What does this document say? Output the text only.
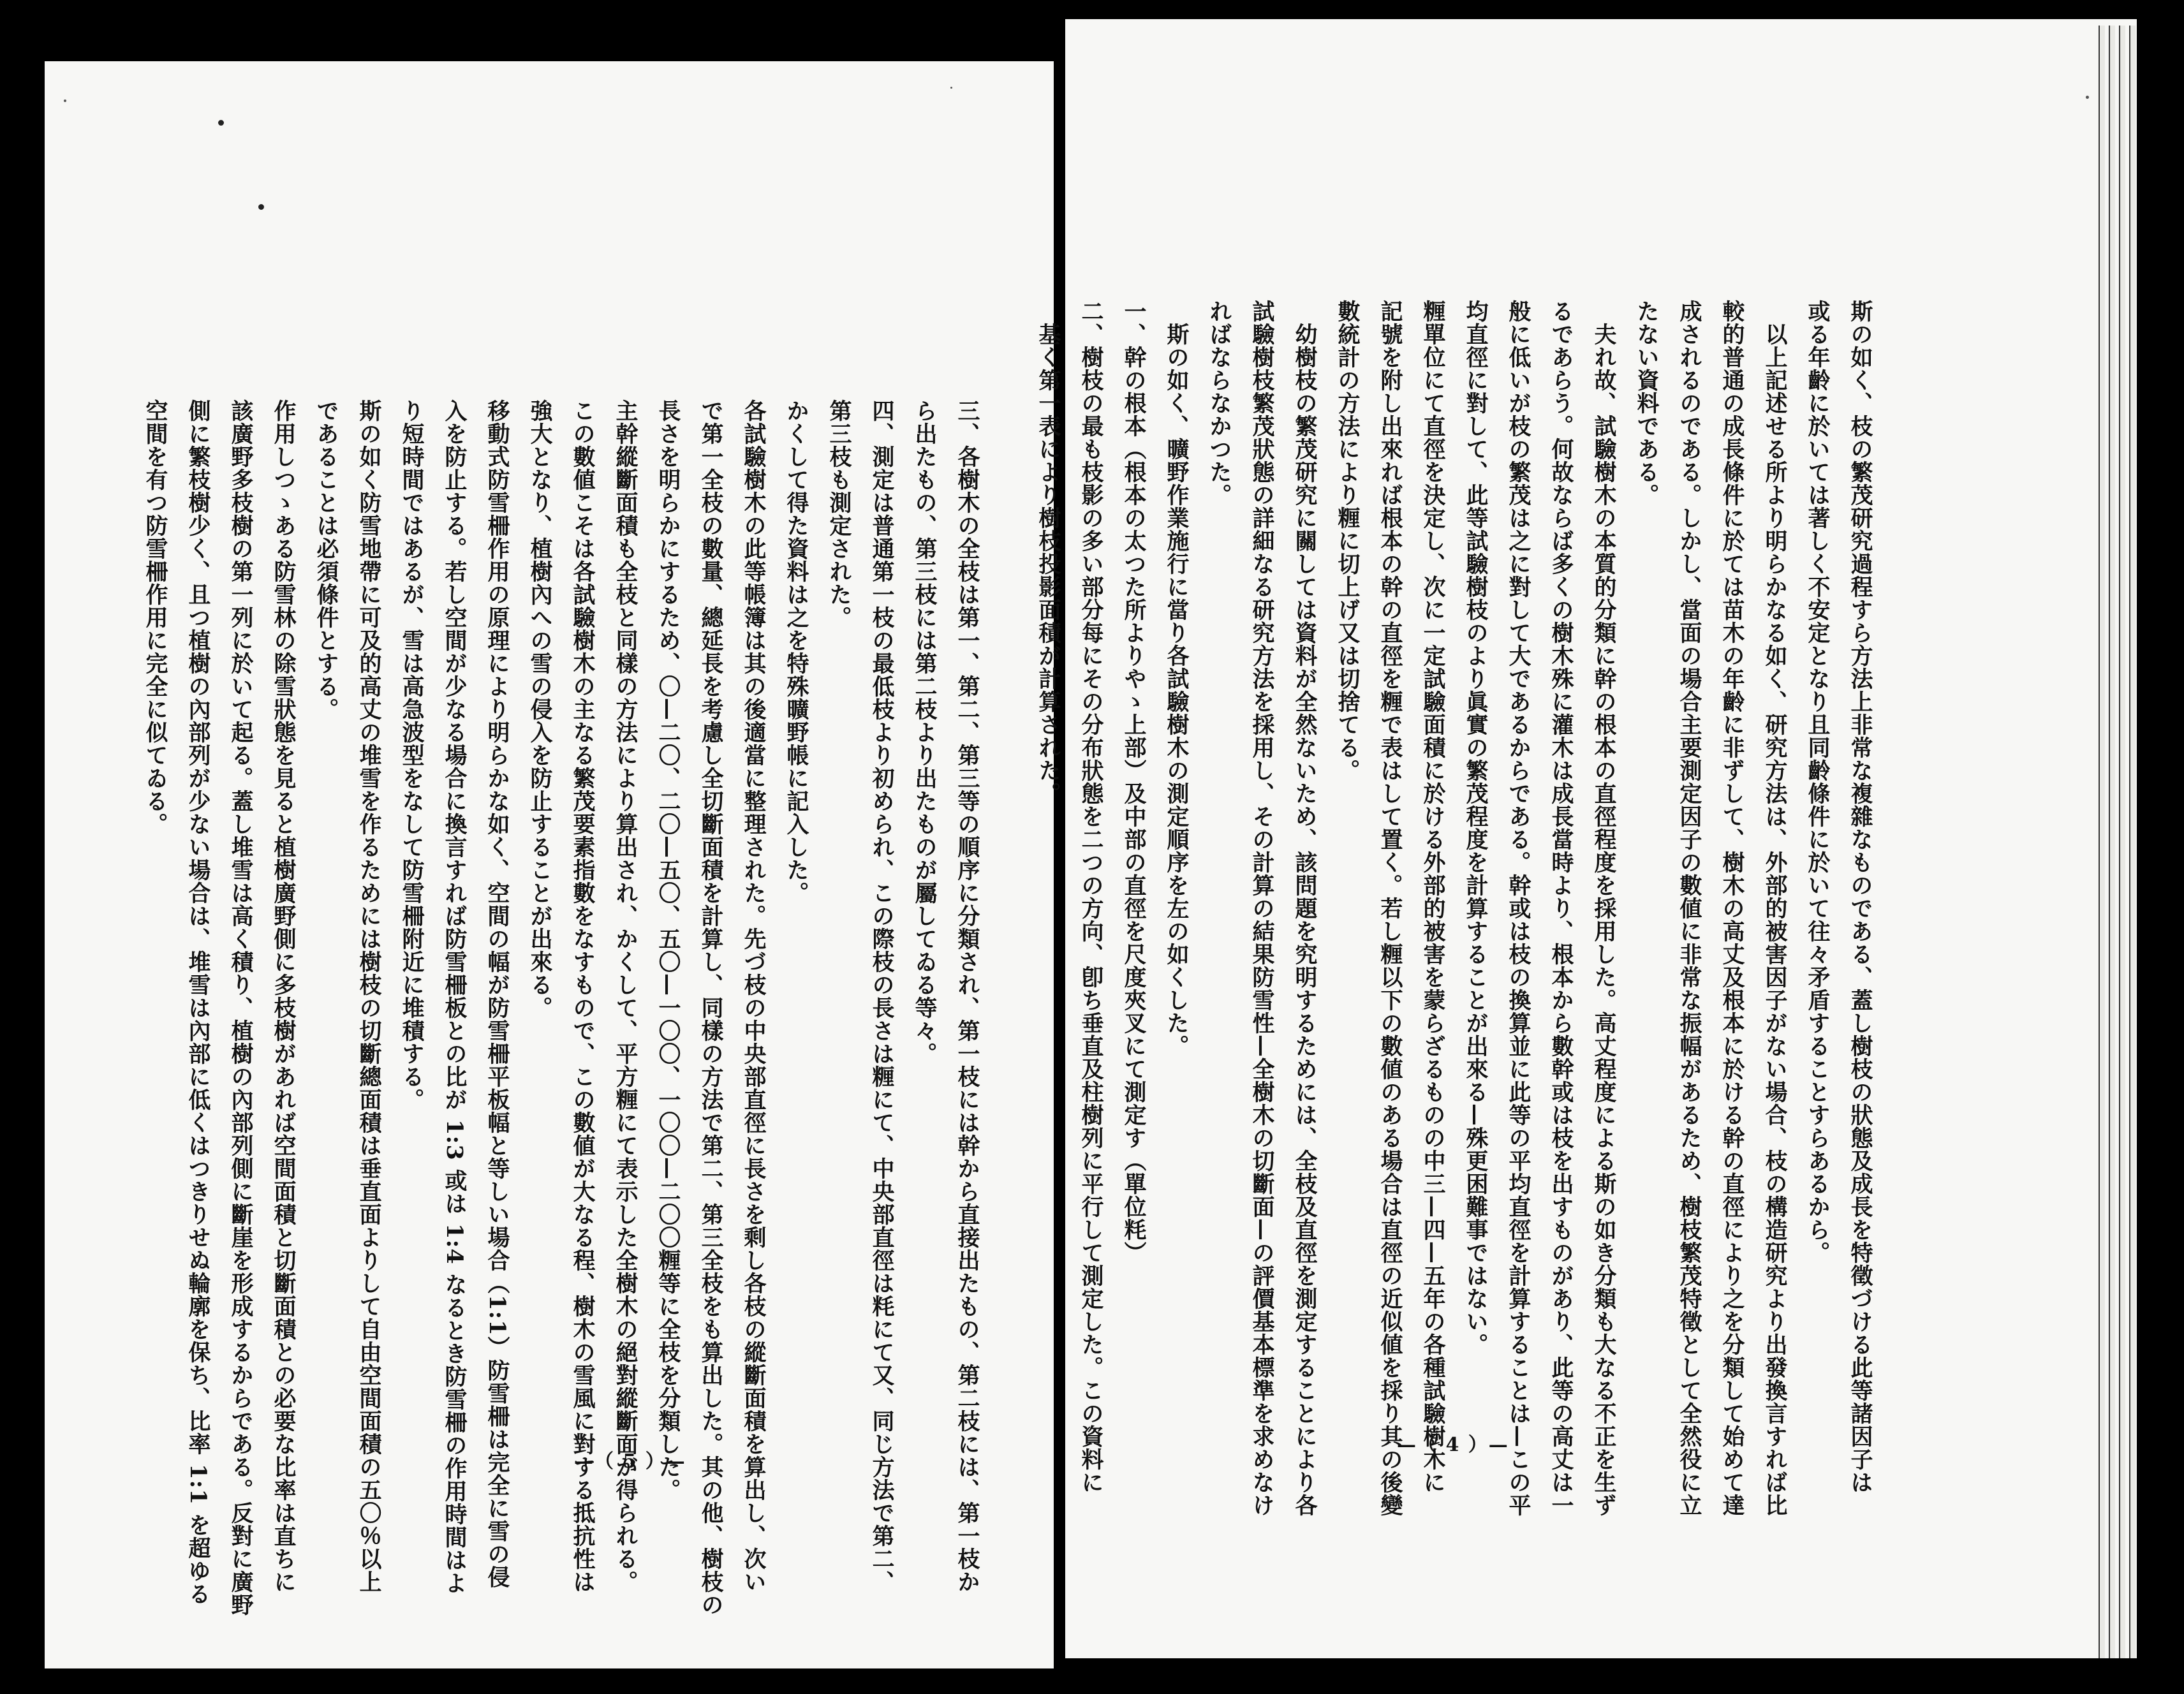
三、各樹木の全枝は第一、第二、第三等の順序に分類され、第一枝には幹から直接出たもの、第二枝には、第一枝か
ら出たもの、第三枝には第二枝より出たものが屬してゐる等々。
四、測定は普通第一枝の最低枝より初められ、この際枝の長さは糎にて、中央部直徑は粍にて又、同じ方法で第二、
第三枝も測定された。
かくして得た資料は之を特殊曠野帳に記入した。
各試驗樹木の此等帳簿は其の後適當に整理された。先づ枝の中央部直徑に長さを剩し各枝の縱斷面積を算出し、次い
で第一全枝の數量、總延長を考慮し全切斷面積を計算し、同樣の方法で第二、第三全枝をも算出した。其の他、樹枝の
長さを明らかにするため、〇—二〇、二〇—五〇、五〇—一〇〇、一〇〇—二〇〇糎等に全枝を分類した。
主幹縱斷面積も全枝と同樣の方法により算出され、かくして、平方糎にて表示した全樹木の絕對縱斷面が得られる。
この數値こそは各試驗樹木の主なる繁茂要素指數をなすもので、この數値が大なる程、樹木の雪風に對する抵抗性は
強大となり、植樹內への雪の侵入を防止することが出來る。
移動式防雪柵作用の原理により明らかな如く、空間の幅が防雪柵平板幅と等しい場合（1:1）防雪柵は完全に雪の侵
入を防止する。若し空間が少なる場合に換言すれば防雪柵板との比が 1:3 或は 1:4 なるとき防雪柵の作用時間はよ
り短時間ではあるが、雪は高急波型をなして防雪柵附近に堆積する。
斯の如く防雪地帶に可及的高丈の堆雪を作るためには樹枝の切斷總面積は垂直面よりして自由空間面積の五〇％以上
であることは必須條件とする。
作用しつゝある防雪林の除雪狀態を見ると植樹廣野側に多枝樹があれば空間面積と切斷面積との必要な比率は直ちに
該廣野多枝樹の第一列に於いて起る。蓋し堆雪は高く積り、植樹の內部列側に斷崖を形成するからである。反對に廣野
側に繁枝樹少く、且つ植樹の內部列が少ない場合は、堆雪は內部に低くはつきりせぬ輪廓を保ち、比率 1:1 を超ゆる
空間を有つ防雪柵作用に完全に似てゐる。
—（ 5 ）—	斯の如く、枝の繁茂研究過程すら方法上非常な複雜なものである、蓋し樹枝の狀態及成長を特徵づける此等諸因子は
或る年齡に於いては著しく不安定となり且同齡條件に於いて往々矛盾することすらあるから。
　以上記述せる所より明らかなる如く、研究方法は、外部的被害因子がない場合、枝の構造研究より出發換言すれば比
較的普通の成長條件に於ては苗木の年齡に非ずして、樹木の高丈及根本に於ける幹の直徑により之を分類して始めて達
成されるのである。しかし、當面の場合主要測定因子の數値に非常な振幅があるため、樹枝繁茂特徵として全然役に立
たない資料である。
　夫れ故、試驗樹木の本質的分類に幹の根本の直徑程度を採用した。高丈程度による斯の如き分類も大なる不正を生ず
るであらう。何故ならば多くの樹木殊に灌木は成長當時より、根本から數幹或は枝を出すものがあり、此等の高丈は一
般に低いが枝の繁茂は之に對して大であるからである。幹或は枝の換算並に此等の平均直徑を計算することは—この平
均直徑に對して、此等試驗樹枝のより眞實の繁茂程度を計算することが出來る—殊更困難事ではない。
糎單位にて直徑を決定し、次に一定試驗面積に於ける外部的被害を蒙らざるものの中三—四—五年の各種試驗樹木に
記號を附し出來れば根本の幹の直徑を糎で表はして置く。若し糎以下の數値のある場合は直徑の近似値を採り其の後變
數統計の方法により糎に切上げ又は切捨てる。
　幼樹枝の繁茂研究に關しては資料が全然ないため、該問題を究明するためには、全枝及直徑を測定することにより各
試驗樹枝繁茂狀態の詳細なる研究方法を採用し、その計算の結果防雪性—全樹木の切斷面—の評價基本標準を求めなけ
ればならなかつた。
　斯の如く、曠野作業施行に當り各試驗樹木の測定順序を左の如くした。
一、幹の根本（根本の太つた所よりやゝ上部）及中部の直徑を尺度夾叉にて測定す（單位粍）
二、樹枝の最も枝影の多い部分每にその分布狀態を二つの方向、卽ち垂直及柱樹列に平行して測定した。この資料に
　基く第一表により樹枝投影面積が計算された。
—（ 4 ）—
